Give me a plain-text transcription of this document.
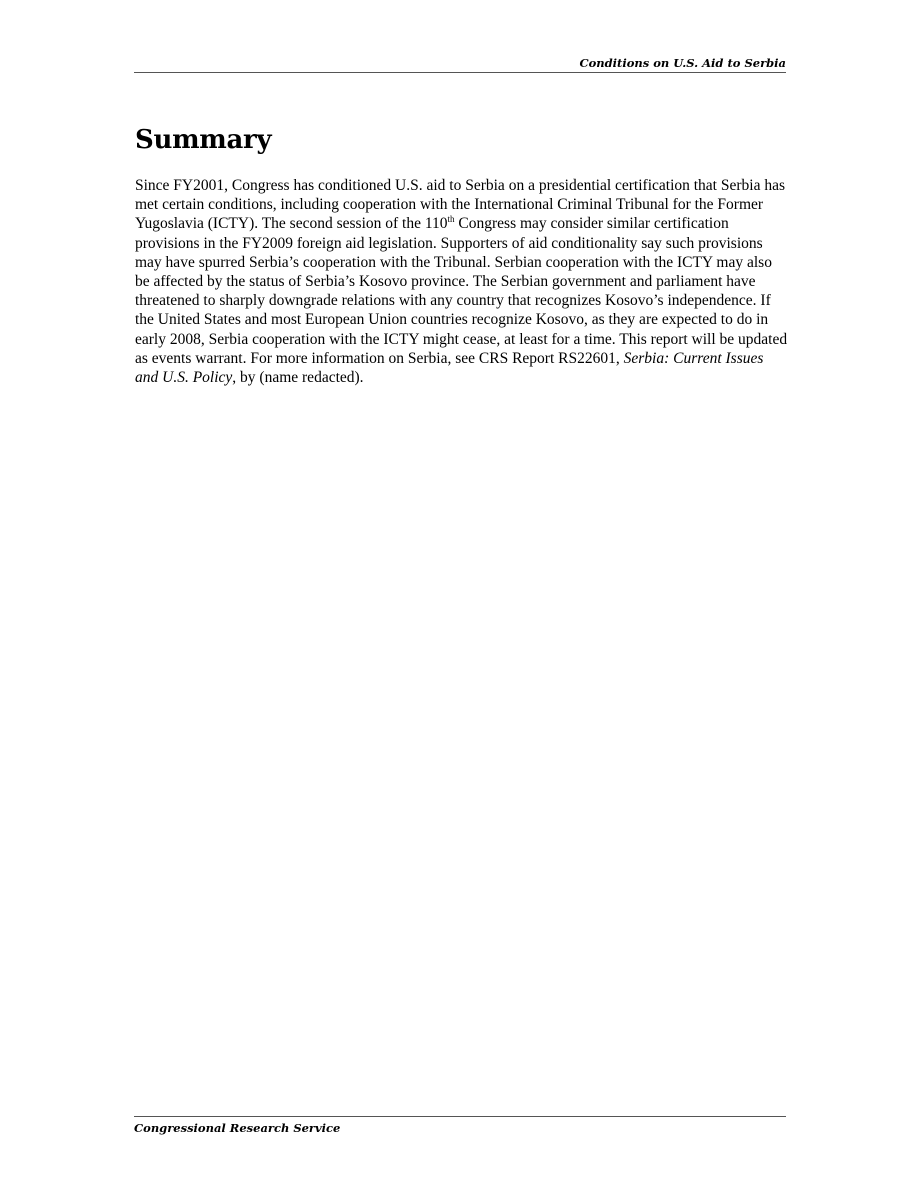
Conditions on U.S. Aid to Serbia
Summary

Since FY2001, Congress has conditioned U.S. aid to Serbia on a presidential certification that Serbia has met certain conditions, including cooperation with the International Criminal Tribunal for the Former Yugoslavia (ICTY). The second session of the 110th Congress may consider similar certification provisions in the FY2009 foreign aid legislation. Supporters of aid conditionality say such provisions may have spurred Serbia’s cooperation with the Tribunal. Serbian cooperation with the ICTY may also be affected by the status of Serbia’s Kosovo province. The Serbian government and parliament have threatened to sharply downgrade relations with any country that recognizes Kosovo’s independence. If the United States and most European Union countries recognize Kosovo, as they are expected to do in early 2008, Serbia cooperation with the ICTY might cease, at least for a time. This report will be updated as events warrant. For more information on Serbia, see CRS Report RS22601, Serbia: Current Issues and U.S. Policy, by (name redacted).

Congressional Research Service
